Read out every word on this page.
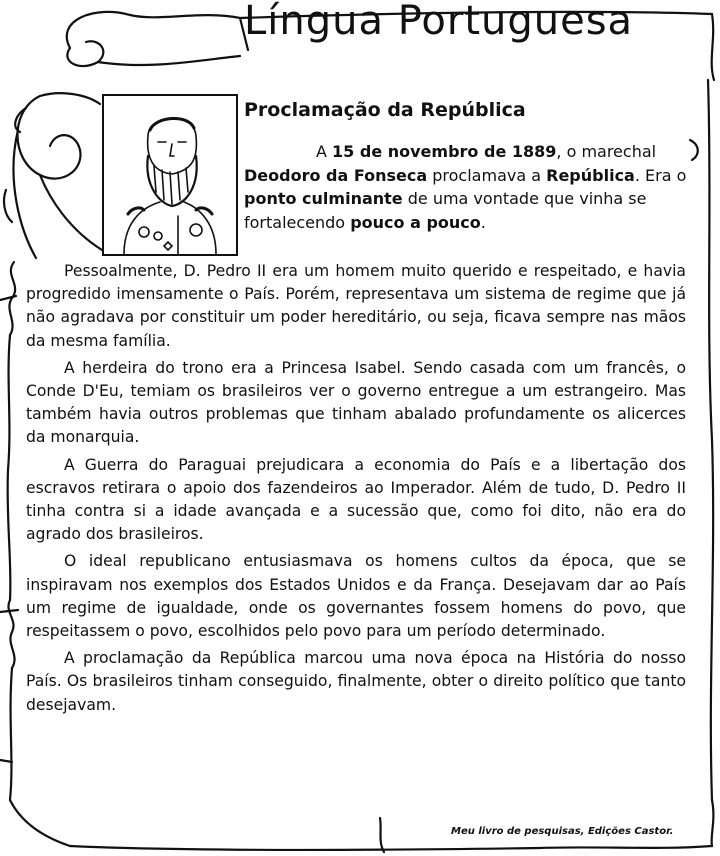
Língua Portuguesa
Proclamação da República

A 15 de novembro de 1889, o marechal Deodoro da Fonseca proclamava a República. Era o ponto culminante de uma vontade que vinha se fortalecendo pouco a pouco.

Pessoalmente, D. Pedro II era um homem muito querido e respeitado, e havia progredido imensamente o País. Porém, representava um sistema de regime que já não agradava por constituir um poder hereditário, ou seja, ficava sempre nas mãos da mesma família.

A herdeira do trono era a Princesa Isabel. Sendo casada com um francês, o Conde D'Eu, temiam os brasileiros ver o governo entregue a um estrangeiro. Mas também havia outros problemas que tinham abalado profundamente os alicerces da monarquia.

A Guerra do Paraguai prejudicara a economia do País e a libertação dos escravos retirara o apoio dos fazendeiros ao Imperador. Além de tudo, D. Pedro II tinha contra si a idade avançada e a sucessão que, como foi dito, não era do agrado dos brasileiros.

O ideal republicano entusiasmava os homens cultos da época, que se inspiravam nos exemplos dos Estados Unidos e da França. Desejavam dar ao País um regime de igualdade, onde os governantes fossem homens do povo, que respeitassem o povo, escolhidos pelo povo para um período determinado.

A proclamação da República marcou uma nova época na História do nosso País. Os brasileiros tinham conseguido, finalmente, obter o direito político que tanto desejavam.

Meu livro de pesquisas, Edições Castor.
